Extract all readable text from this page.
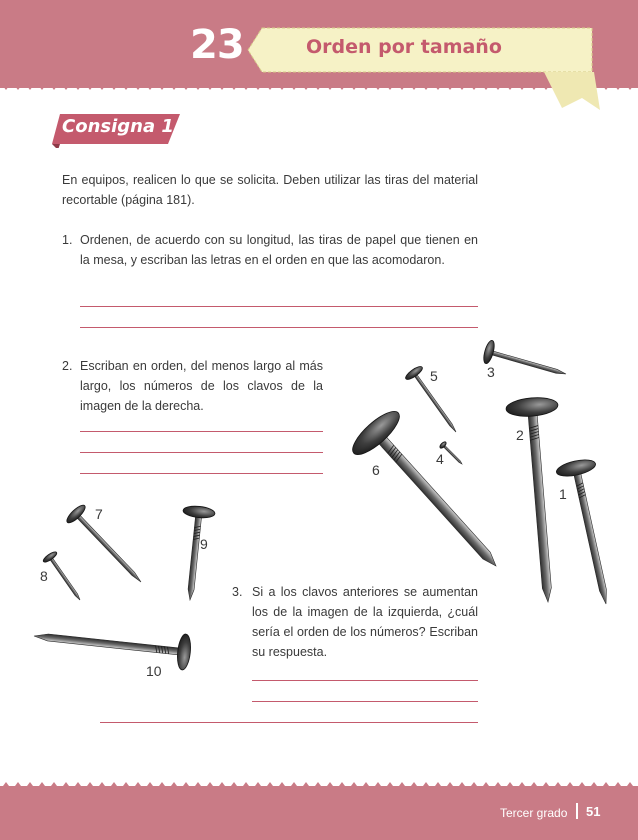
23	Orden por tamaño
Consigna 1
En equipos, realicen lo que se solicita. Deben utilizar las tiras del material recortable (página 181).
1. Ordenen, de acuerdo con su longitud, las tiras de papel que tienen en la mesa, y escriban las letras en el orden en que las acomodaron.
2. Escriban en orden, del menos largo al más largo, los números de los clavos de la imagen de la derecha.
3. Si a los clavos anteriores se aumentan los de la imagen de la izquierda, ¿cuál sería el orden de los números? Escriban su respuesta.
1
2
3
4
5
6
7
8
9
10
Tercer grado 51
